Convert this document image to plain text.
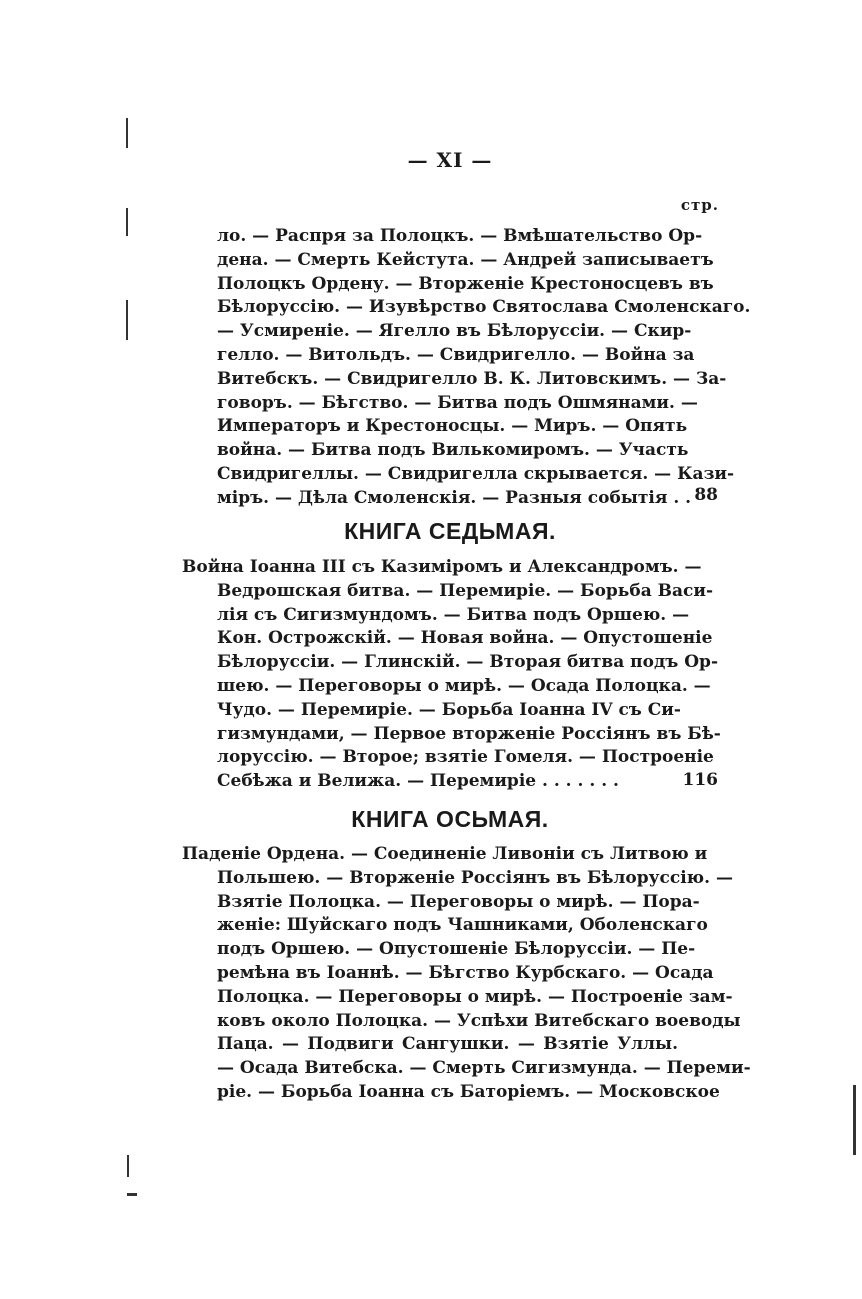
— XI —
стр.

ло. — Распря за Полоцкъ. — Вмѣшательство Ор-

дена. — Смерть Кейстута. — Андрей записываетъ

Полоцкъ Ордену. — Вторженіе Крестоносцевъ въ

Бѣлоруссію. — Изувѣрство Святослава Смоленскаго.

— Усмиреніе. — Ягелло въ Бѣлоруссіи. — Скир-

гелло. — Витольдъ. — Свидригелло. — Война за

Витебскъ. — Свидригелло В. К. Литовскимъ. — За-

говоръ. — Бѣгство. — Битва подъ Ошмянами. —

Императоръ и Крестоносцы. — Миръ. — Опять

война. — Битва подъ Вилькомиромъ. — Участь

Свидригеллы. — Свидригелла скрывается. — Кази-

міръ. — Дѣла Смоленскія. — Разныя событія . . 88
КНИГА СЕДЬМАЯ.

Война Іоанна III съ Казиміромъ и Александромъ. —

Ведрошская битва. — Перемиріе. — Борьба Васи-

лія съ Сигизмундомъ. — Битва подъ Оршею. —

Кон. Острожскій. — Новая война. — Опустошеніе

Бѣлоруссіи. — Глинскій. — Вторая битва подъ Ор-

шею. — Переговоры о мирѣ. — Осада Полоцка. —

Чудо. — Перемиріе. — Борьба Іоанна IV съ Си-

гизмундами, — Первое вторженіе Россіянъ въ Бѣ-

лоруссію. — Второе; взятіе Гомеля. — Построеніе

Себѣжа и Велижа. — Перемиріе . . . . . . .	116
КНИГА ОСЬМАЯ.

Паденіе Ордена. — Соединеніе Ливоніи съ Литвою и

Польшею. — Вторженіе Россіянъ въ Бѣлоруссію. —

Взятіе Полоцка. — Переговоры о мирѣ. — Пора-

женіе: Шуйскаго подъ Чашниками, Оболенскаго

подъ Оршею. — Опустошеніе Бѣлоруссіи. — Пе-

ремѣна въ Іоаннѣ. — Бѣгство Курбскаго. — Осада

Полоцка. — Переговоры о мирѣ. — Построеніе зам-

ковъ около Полоцка. — Успѣхи Витебскаго воеводы

Паца. — Подвиги Сангушки. — Взятіе Уллы.

— Осада Витебска. — Смерть Сигизмунда. — Переми-

ріе. — Борьба Іоанна съ Баторіемъ. — Московское
